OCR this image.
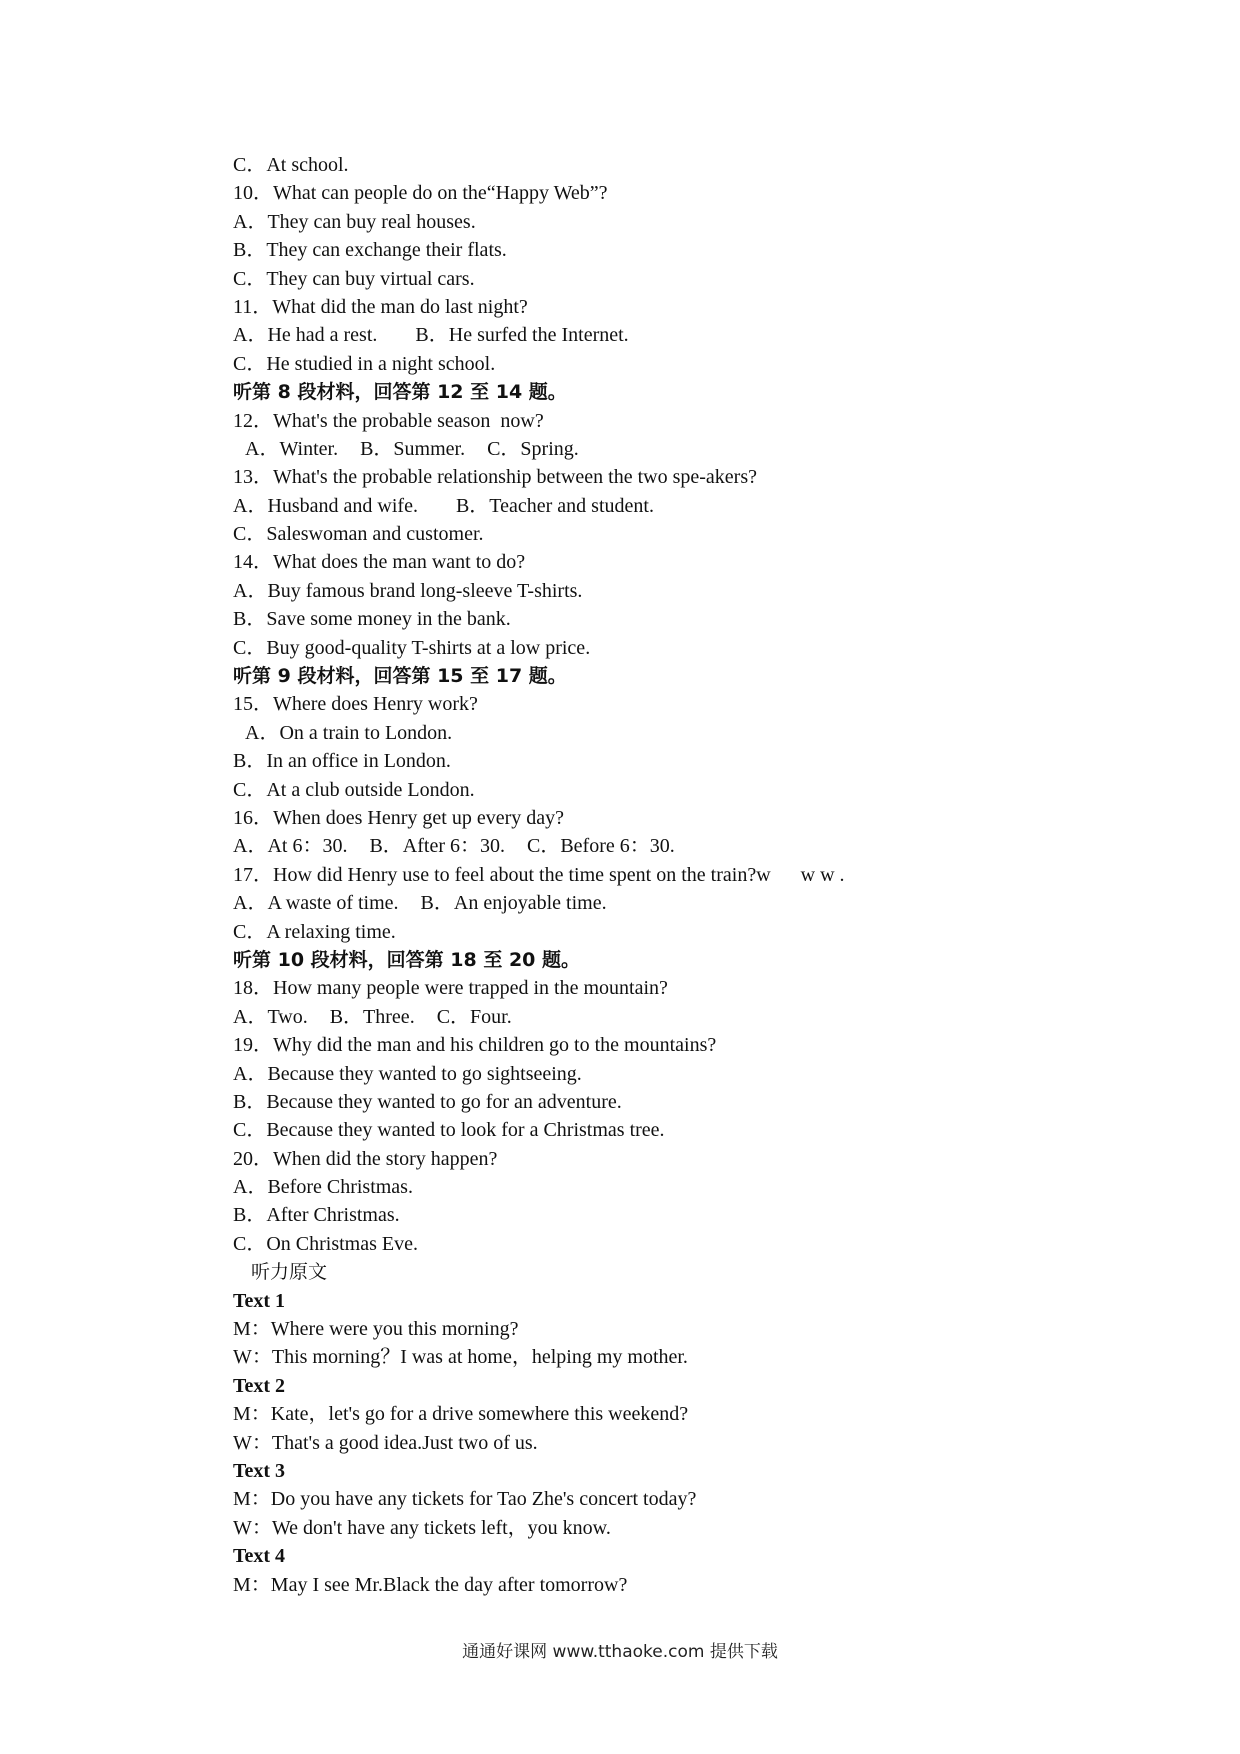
C．At school.
10．What can people do on the“Happy Web”?
A．They can buy real houses.
B．They can exchange their flats.
C．They can buy virtual cars.
11．What did the man do last night?
A．He had a rest. B．He surfed the Internet.
C．He studied in a night school.
听第 8 段材料，回答第 12 至 14 题。
12．What's the probable season  now?
A．Winter. B．Summer. C．Spring.
13．What's the probable relationship between the two spe-akers?
A．Husband and wife. B．Teacher and student.
C．Saleswoman and customer.
14．What does the man want to do?
A．Buy famous brand long-sleeve T-shirts.
B．Save some money in the bank.
C．Buy good-quality T-shirts at a low price.
听第 9 段材料，回答第 15 至 17 题。
15．Where does Henry work?
A．On a train to London.
B．In an office in London.
C．At a club outside London.
16．When does Henry get up every day?
A．At 6：30. B．After 6：30. C．Before 6：30.
17．How did Henry use to feel about the time spent on the train?w      w w .
A．A waste of time. B．An enjoyable time.
C．A relaxing time.
听第 10 段材料，回答第 18 至 20 题。
18．How many people were trapped in the mountain?
A．Two. B．Three. C．Four.
19．Why did the man and his children go to the mountains?
A．Because they wanted to go sightseeing.
B．Because they wanted to go for an adventure.
C．Because they wanted to look for a Christmas tree.
20．When did the story happen?
A．Before Christmas.
B．After Christmas.
C．On Christmas Eve.
听力原文
Text 1
M：Where were you this morning?
W：This morning？I was at home，helping my mother.
Text 2
M：Kate，let's go for a drive somewhere this weekend?
W：That's a good idea.Just two of us.
Text 3
M：Do you have any tickets for Tao Zhe's concert today?
W：We don't have any tickets left，you know.
Text 4
M：May I see Mr.Black the day after tomorrow?
通通好课网 www.tthaoke.com 提供下载
